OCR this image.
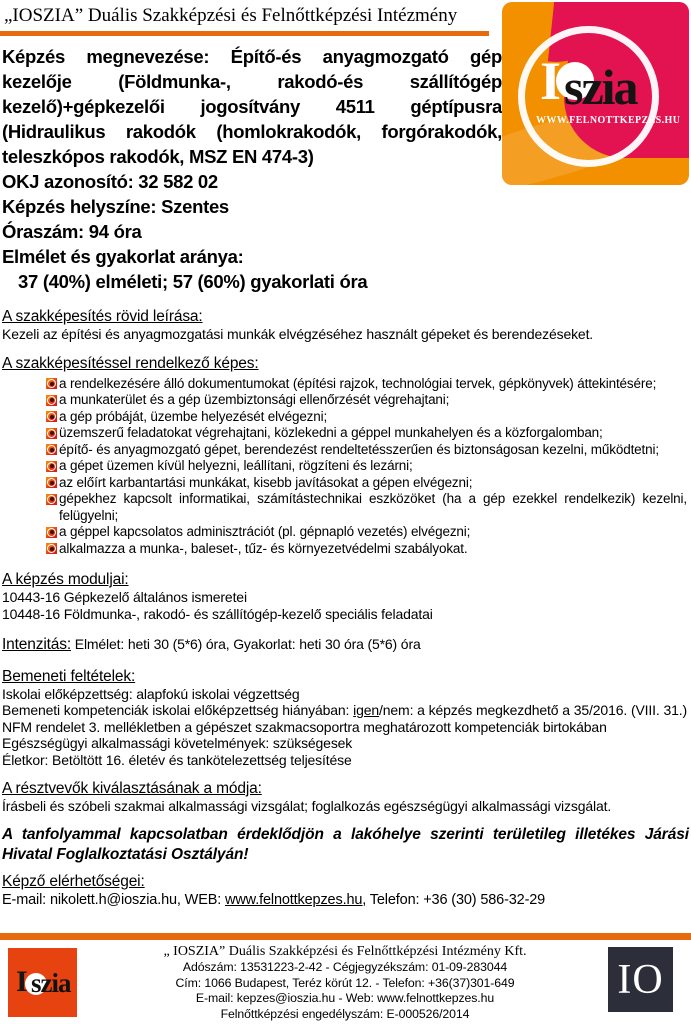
„IOSZIA” Duális Szakképzési és Felnőttképzési Intézmény
I szia
WWW.FELNOTTKEPZES.HU

Képzés megnevezése: Építő-és anyagmozgató gép kezelője (Földmunka-, rakodó-és szállítógép kezelő)+gépkezelői jogosítvány 4511 géptípusra (Hidraulikus rakodók (homlokrakodók, forgórakodók, teleszkópos rakodók, MSZ EN 474-3)

OKJ azonosító: 32 582 02

Képzés helyszíne: Szentes

Óraszám: 94 óra

Elmélet és gyakorlat aránya:

37 (40%) elméleti; 57 (60%) gyakorlati óra

A szakképesítés rövid leírása:

Kezeli az építési és anyagmozgatási munkák elvégzéséhez használt gépeket és berendezéseket.

A szakképesítéssel rendelkező képes:

a rendelkezésére álló dokumentumokat (építési rajzok, technológiai tervek, gépkönyvek) áttekintésére;
a munkaterület és a gép üzembiztonsági ellenőrzését végrehajtani;
a gép próbáját, üzembe helyezését elvégezni;
üzemszerű feladatokat végrehajtani, közlekedni a géppel munkahelyen és a közforgalomban;
építő- és anyagmozgató gépet, berendezést rendeltetésszerűen és biztonságosan kezelni, működtetni;
a gépet üzemen kívül helyezni, leállítani, rögzíteni és lezárni;
az előírt karbantartási munkákat, kisebb javításokat a gépen elvégezni;
gépekhez kapcsolt informatikai, számítástechnikai eszközöket (ha a gép ezekkel rendelkezik) kezelni, felügyelni;
a géppel kapcsolatos adminisztrációt (pl. gépnapló vezetés) elvégezni;
alkalmazza a munka-, baleset-, tűz- és környezetvédelmi szabályokat.

A képzés moduljai:

10443-16 Gépkezelő általános ismeretei

10448-16 Földmunka-, rakodó- és szállítógép-kezelő speciális feladatai

Intenzitás: Elmélet: heti 30 (5*6) óra, Gyakorlat: heti 30 óra (5*6) óra

Bemeneti feltételek:

Iskolai előképzettség: alapfokú iskolai végzettség

Bemeneti kompetenciák iskolai előképzettség hiányában: igen/nem: a képzés megkezdhető a 35/2016. (VIII. 31.) NFM rendelet 3. mellékletben a gépészet szakmacsoportra meghatározott kompetenciák birtokában

Egészségügyi alkalmassági követelmények: szükségesek

Életkor: Betöltött 16. életév és tankötelezettség teljesítése

A résztvevők kiválasztásának a módja:

Írásbeli és szóbeli szakmai alkalmassági vizsgálat; foglalkozás egészségügyi alkalmassági vizsgálat.

A tanfolyammal kapcsolatban érdeklődjön a lakóhelye szerinti területileg illetékes Járási Hivatal Foglalkoztatási Osztályán!

Képző elérhetőségei:

E-mail: nikolett.h@ioszia.hu, WEB: www.felnottkepzes.hu, Telefon: +36 (30) 586-32-29

I szia
„ IOSZIA” Duális Szakképzési és Felnőttképzési Intézmény Kft.
Adószám: 13531223-2-42 - Cégjegyzékszám: 01-09-283044
Cím: 1066 Budapest, Teréz körút 12. - Telefon: +36(37)301-649
E-mail: kepzes@ioszia.hu - Web: www.felnottkepzes.hu
Felnőttképzési engedélyszám: E-000526/2014
IO
